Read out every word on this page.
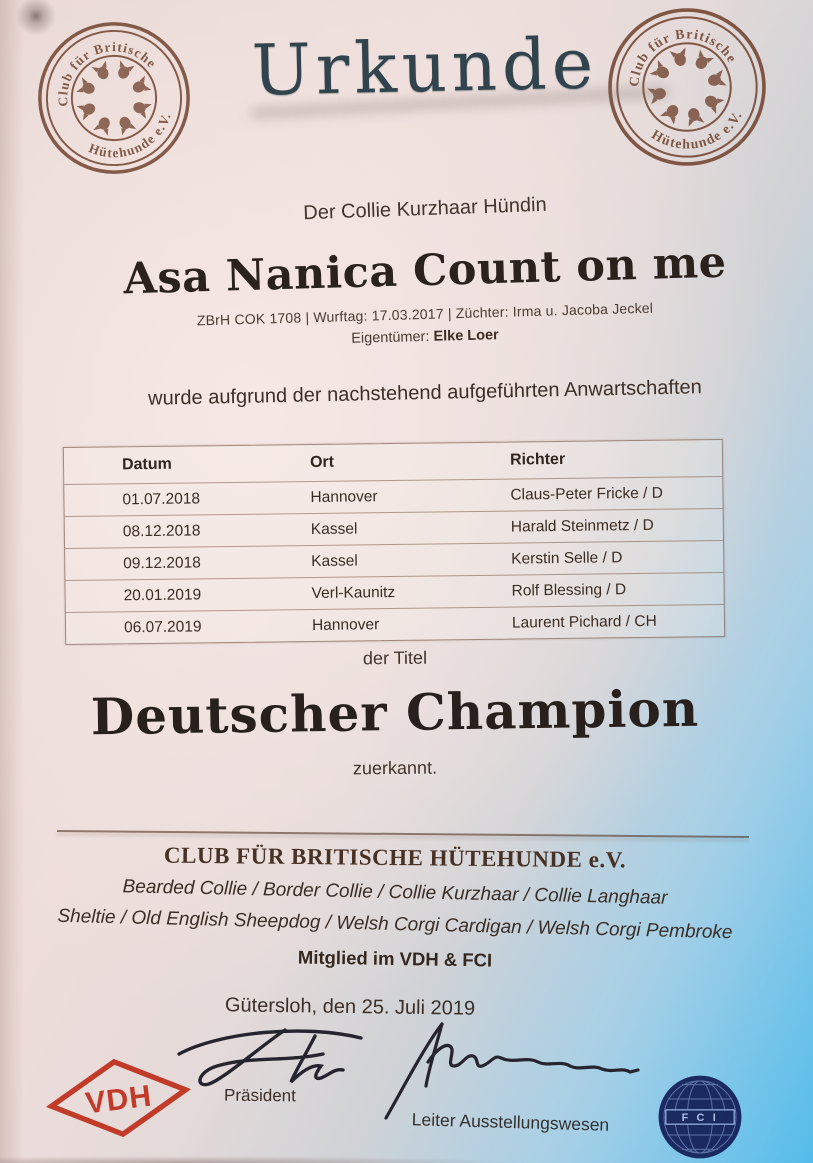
Club für Britische
Hütehunde e.V.
Club für Britische
Hütehunde e.V.
Urkunde
Der Collie Kurzhaar Hündin
Asa Nanica Count on me
ZBrH COK 1708 | Wurftag: 17.03.2017 | Züchter: Irma u. Jacoba Jeckel
Eigentümer: Elke Loer
wurde aufgrund der nachstehend aufgeführten Anwartschaften
Datum	Ort	Richter
01.07.2018	Hannover	Claus-Peter Fricke / D
08.12.2018	Kassel	Harald Steinmetz / D
09.12.2018	Kassel	Kerstin Selle / D
20.01.2019	Verl-Kaunitz	Rolf Blessing / D
06.07.2019	Hannover	Laurent Pichard / CH
der Titel
Deutscher Champion
zuerkannt.
CLUB FÜR BRITISCHE HÜTEHUNDE e.V.
Bearded Collie / Border Collie / Collie Kurzhaar / Collie Langhaar
Sheltie / Old English Sheepdog / Welsh Corgi Cardigan / Welsh Corgi Pembroke
Mitglied im VDH & FCI
Gütersloh, den 25. Juli 2019
VDH	Präsident
Leiter Ausstellungswesen	F C I
